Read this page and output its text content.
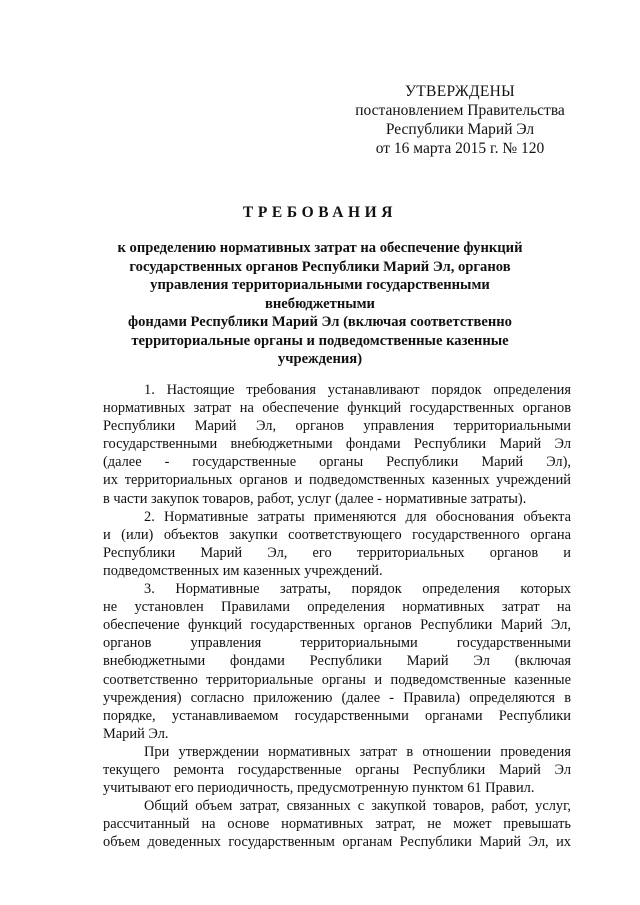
УТВЕРЖДЕНЫ
постановлением Правительства
Республики Марий Эл
от 16 марта 2015 г. № 120
ТРЕБОВАНИЯ

к определению нормативных затрат на обеспечение функций

государственных органов Республики Марий Эл, органов

управления территориальными государственными внебюджетными

фондами Республики Марий Эл (включая соответственно

территориальные органы и подведомственные казенные

учреждения)

1. Настоящие требования устанавливают порядок определения
нормативных затрат на обеспечение функций государственных органов
Республики Марий Эл, органов управления территориальными
государственными внебюджетными фондами Республики Марий Эл
(далее - государственные органы Республики Марий Эл),
их территориальных органов и подведомственных казенных учреждений
в части закупок товаров, работ, услуг (далее - нормативные затраты).
2. Нормативные затраты применяются для обоснования объекта
и (или) объектов закупки соответствующего государственного органа
Республики Марий Эл, его территориальных органов и
подведомственных им казенных учреждений.
3. Нормативные затраты, порядок определения которых
не установлен Правилами определения нормативных затрат на
обеспечение функций государственных органов Республики Марий Эл,
органов управления территориальными государственными
внебюджетными фондами Республики Марий Эл (включая
соответственно территориальные органы и подведомственные казенные
учреждения) согласно приложению (далее - Правила) определяются в
порядке, устанавливаемом государственными органами Республики
Марий Эл.
При утверждении нормативных затрат в отношении проведения
текущего ремонта государственные органы Республики Марий Эл
учитывают его периодичность, предусмотренную пунктом 61 Правил.
Общий объем затрат, связанных с закупкой товаров, работ, услуг,
рассчитанный на основе нормативных затрат, не может превышать
объем доведенных государственным органам Республики Марий Эл, их
